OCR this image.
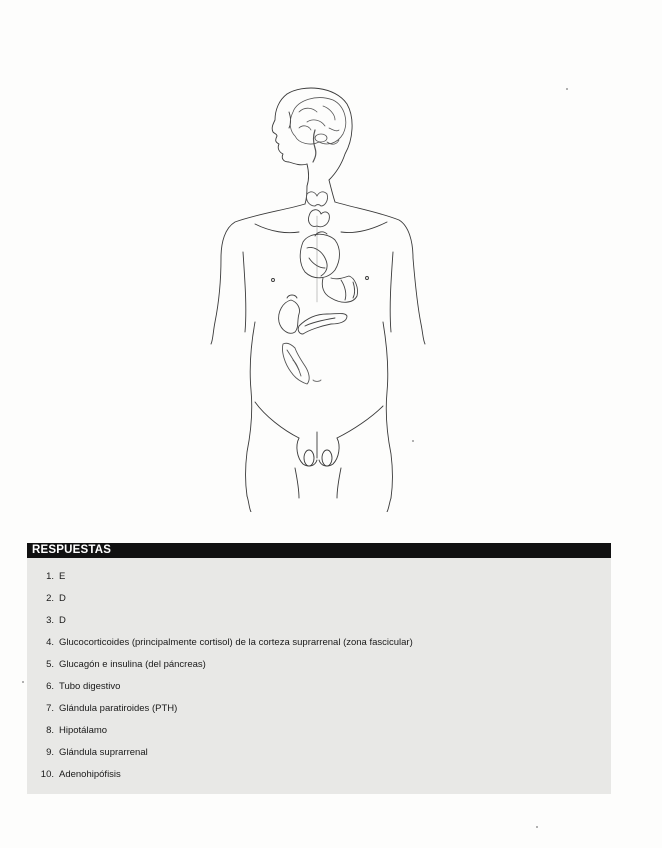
RESPUESTAS
1. E
2. D
3. D
4. Glucocorticoides (principalmente cortisol) de la corteza suprarrenal (zona fascicular)
5. Glucagón e insulina (del páncreas)
6. Tubo digestivo
7. Glándula paratiroides (PTH)
8. Hipotálamo
9. Glándula suprarrenal
10. Adenohipófisis
